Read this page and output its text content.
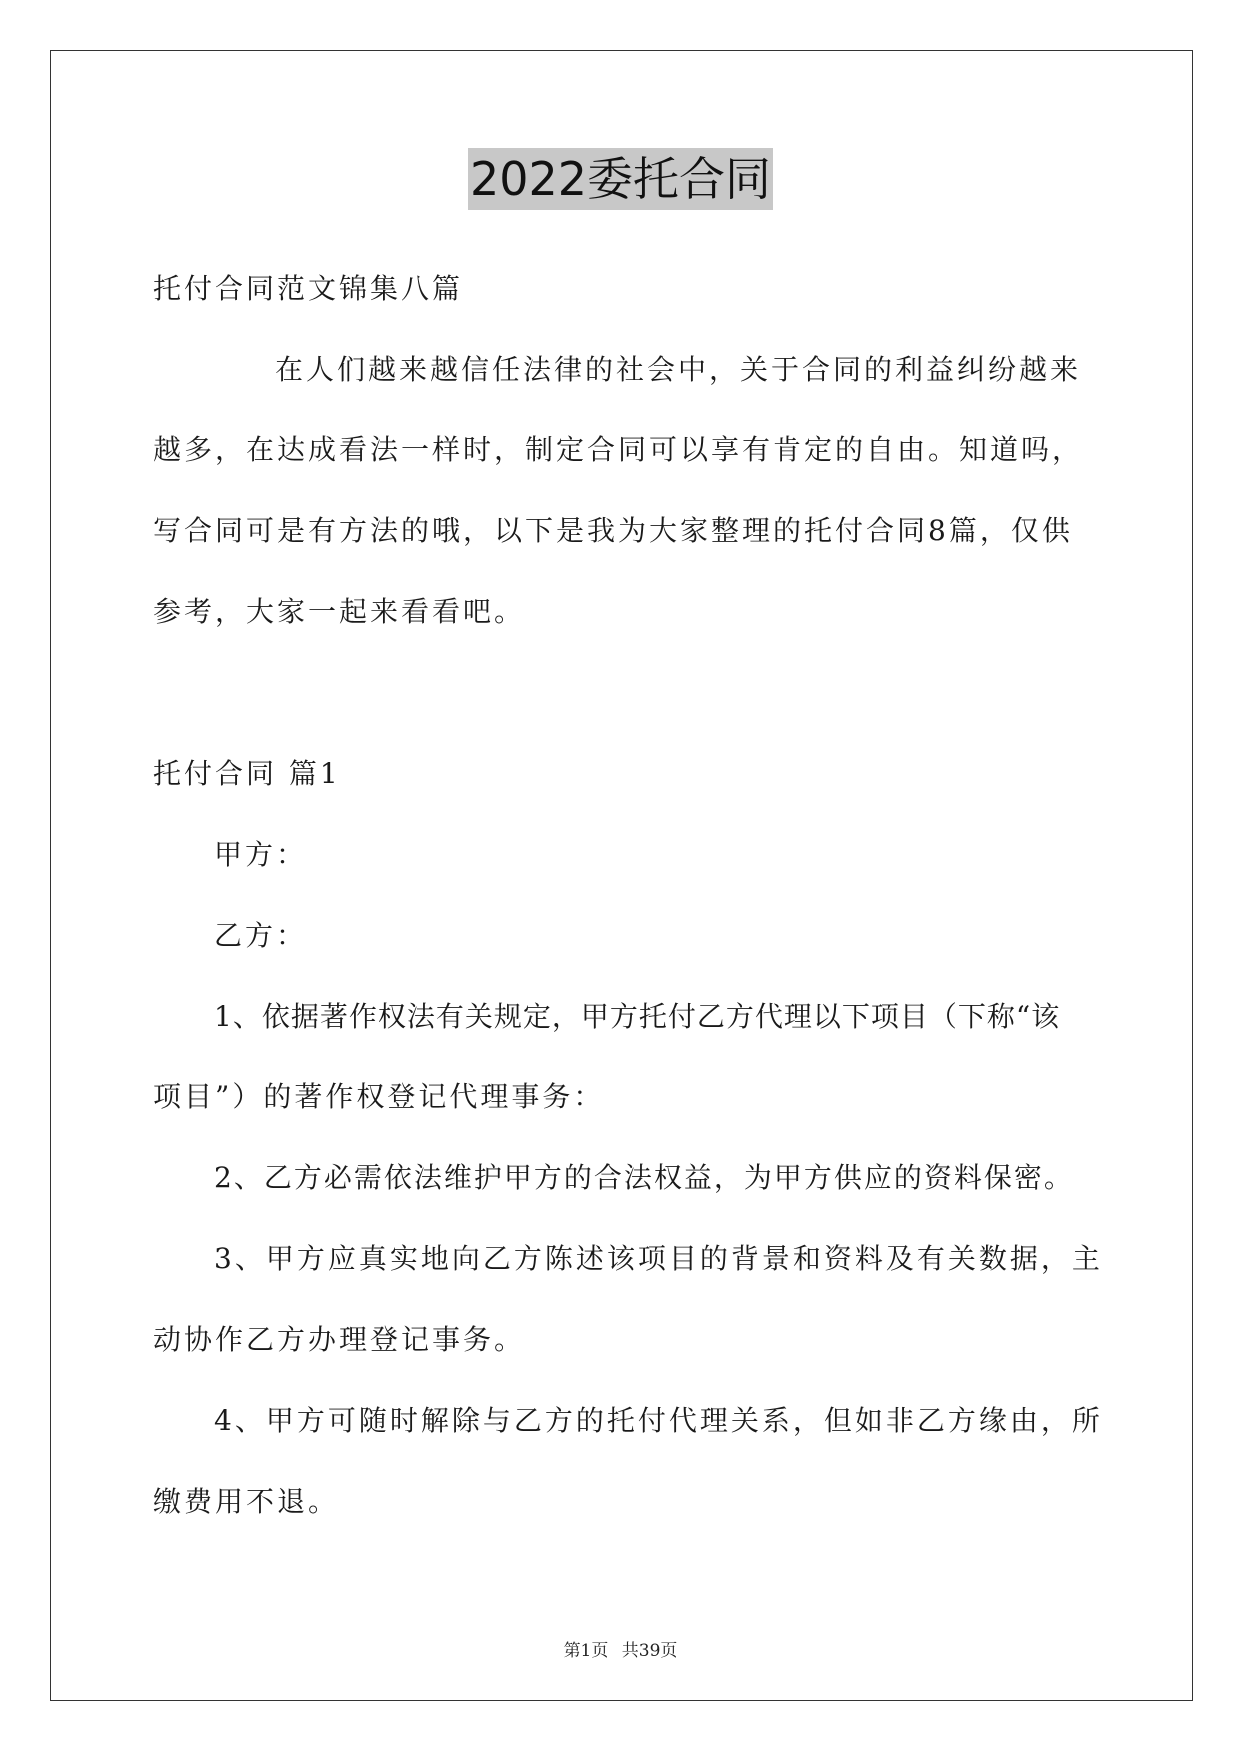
2022委托合同

托付合同范文锦集八篇

在人们越来越信任法律的社会中，关于合同的利益纠纷越来

越多，在达成看法一样时，制定合同可以享有肯定的自由。知道吗，

写合同可是有方法的哦，以下是我为大家整理的托付合同8篇，仅供

参考，大家一起来看看吧。

托付合同 篇1

甲方：

乙方：

1、依据著作权法有关规定，甲方托付乙方代理以下项目（下称“该

项目”）的著作权登记代理事务：

2、乙方必需依法维护甲方的合法权益，为甲方供应的资料保密。

3、甲方应真实地向乙方陈述该项目的背景和资料及有关数据，主

动协作乙方办理登记事务。

4、甲方可随时解除与乙方的托付代理关系，但如非乙方缘由，所

缴费用不退。

第1页 共39页
